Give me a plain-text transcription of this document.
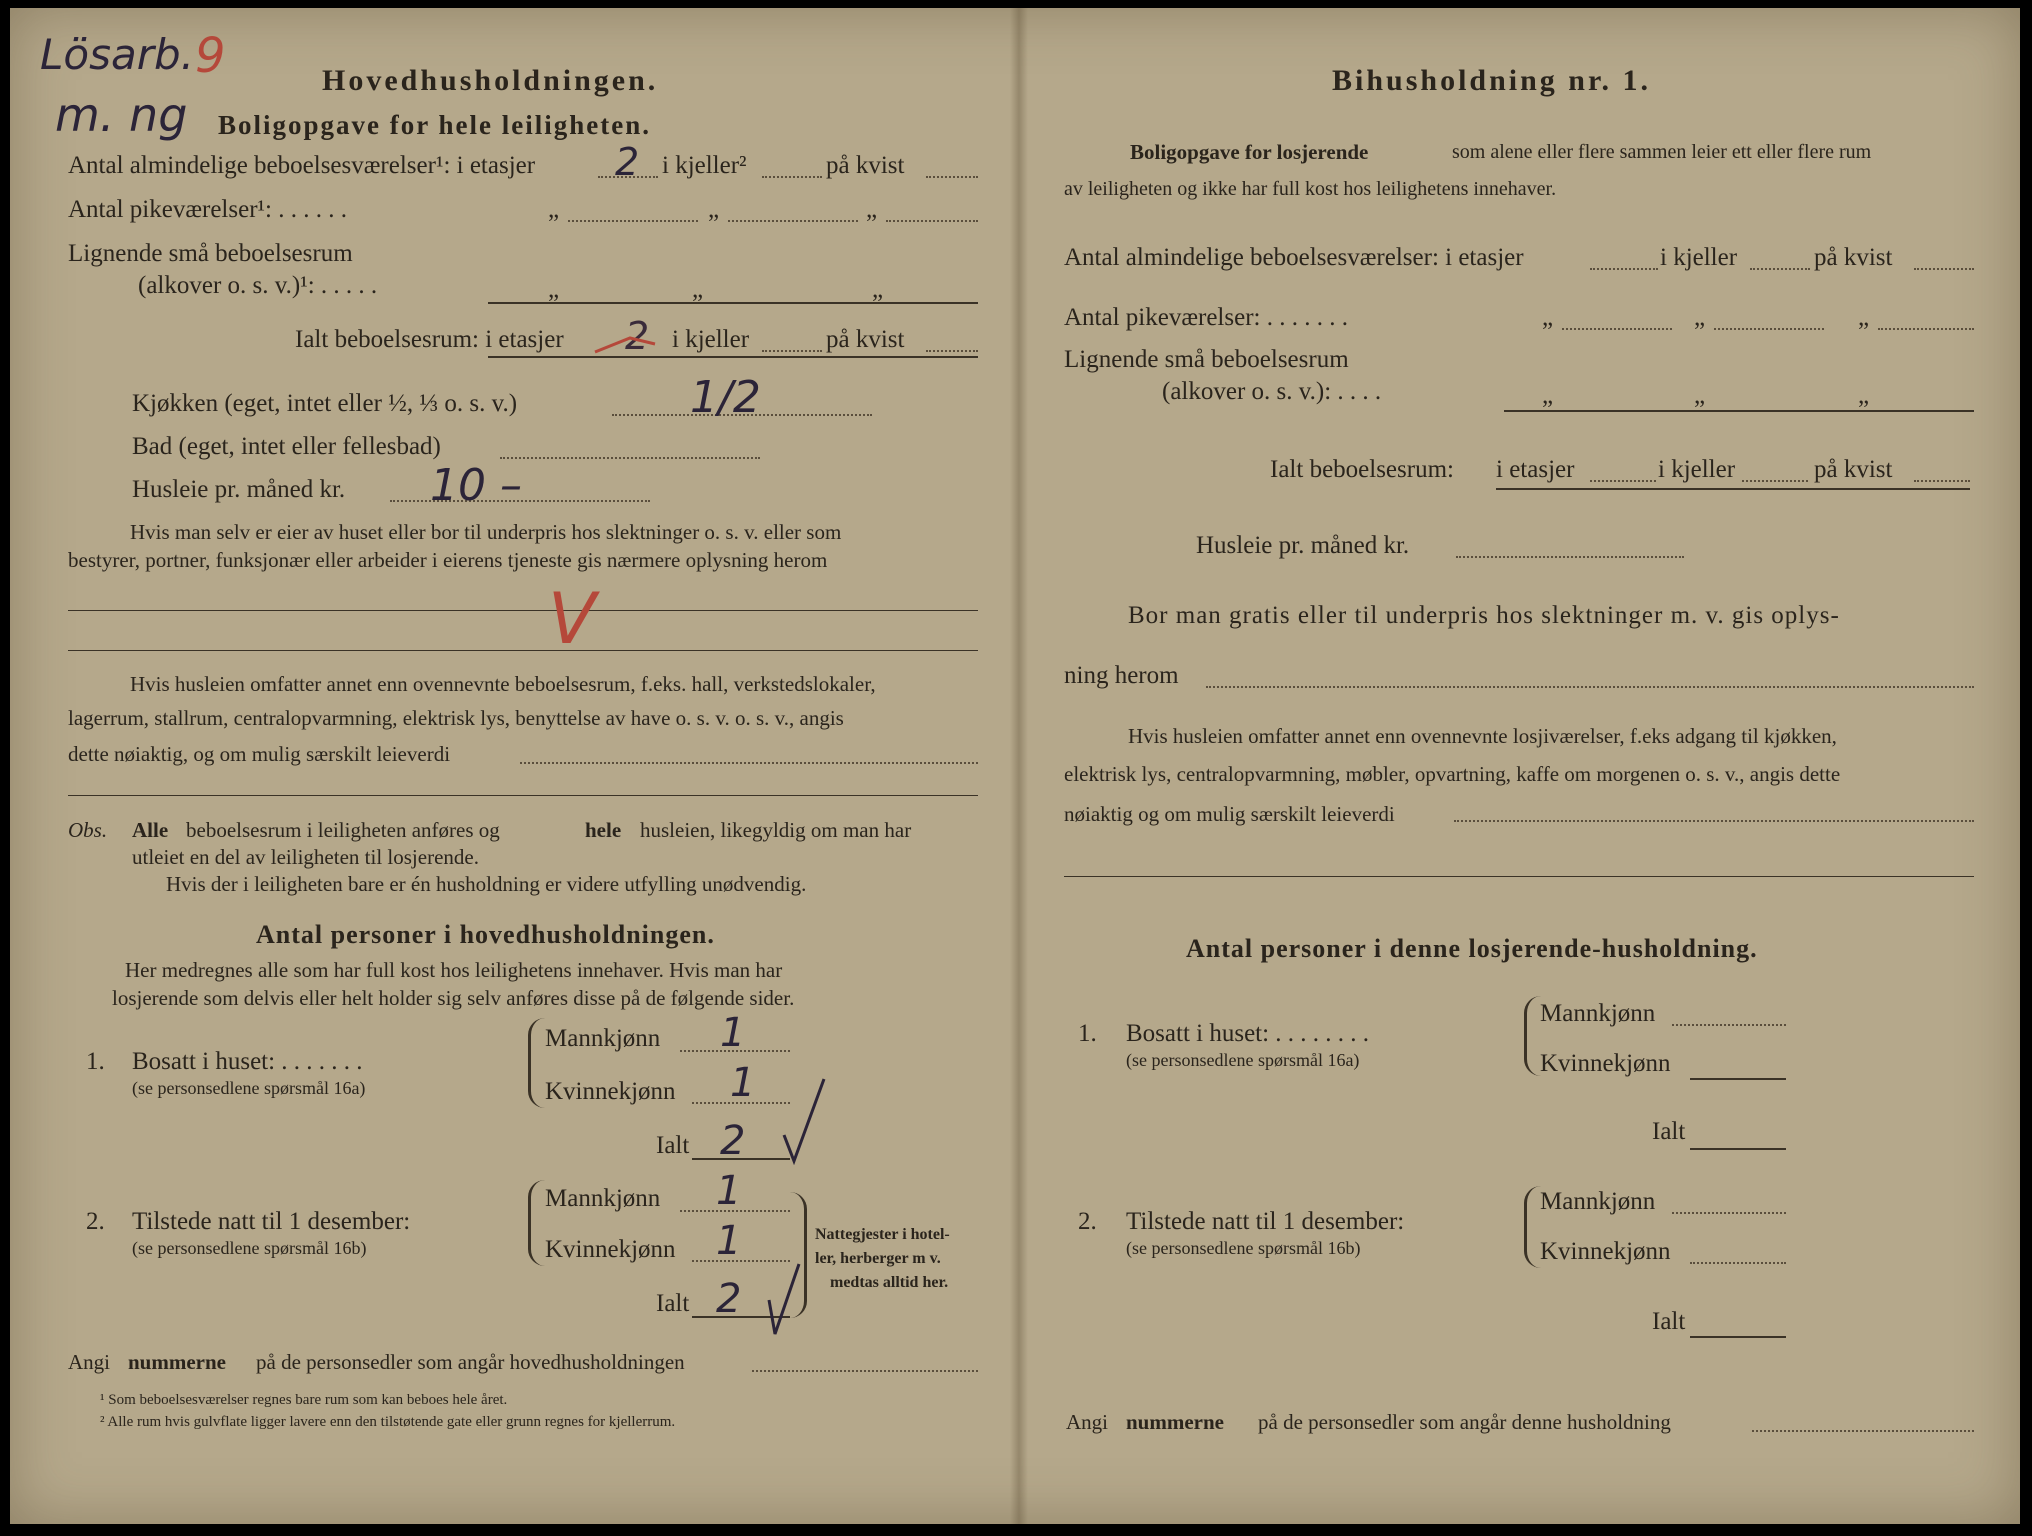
Lösarb. 9
m. ng
Hovedhusholdningen.
Boligopgave for hele leiligheten.
Antal almindelige beboelsesværelser¹: i etasjer 2 i kjeller²	på kvist
Antal pikeværelser¹: . . . . . .	„	„	„
Lignende små beboelsesrum
(alkover o. s. v.)¹: . . . . .	„	„	„
Ialt beboelsesrum: i etasjer 2 i kjeller	på kvist
Kjøkken (eget, intet eller ½, ⅓ o. s. v.)	1/2
Bad (eget, intet eller fellesbad)
Husleie pr. måned kr. 10 –
Hvis man selv er eier av huset eller bor til underpris hos slektninger o. s. v. eller som
bestyrer, portner, funksjonær eller arbeider i eierens tjeneste gis nærmere oplysning herom
V
Hvis husleien omfatter annet enn ovennevnte beboelsesrum, f.eks. hall, verkstedslokaler,
lagerrum, stallrum, centralopvarmning, elektrisk lys, benyttelse av have o. s. v. o. s. v., angis
dette nøiaktig, og om mulig særskilt leieverdi
Obs. Alle beboelsesrum i leiligheten anføres og	hele husleien, likegyldig om man har
utleiet en del av leiligheten til losjerende.
Hvis der i leiligheten bare er én husholdning er videre utfylling unødvendig.
Antal personer i hovedhusholdningen.
Her medregnes alle som har full kost hos leilighetens innehaver. Hvis man har
losjerende som delvis eller helt holder sig selv anføres disse på de følgende sider.
1. Bosatt i huset: . . . . . . .
(se personsedlene spørsmål 16a)
Mannkjønn 1
Kvinnekjønn 1
Ialt 2
2. Tilstede natt til 1 desember:
(se personsedlene spørsmål 16b)
Mannkjønn 1
Kvinnekjønn 1
Ialt 2
Nattegjester i hotel-
ler, herberger m v.
medtas alltid her.
Angi nummerne på de personsedler som angår hovedhusholdningen
¹ Som beboelsesværelser regnes bare rum som kan beboes hele året.
² Alle rum hvis gulvflate ligger lavere enn den tilstøtende gate eller grunn regnes for kjellerrum.
Bihusholdning nr. 1.
Boligopgave for losjerende	som alene eller flere sammen leier ett eller flere rum
av leiligheten og ikke har full kost hos leilighetens innehaver.
Antal almindelige beboelsesværelser: i etasjer	i kjeller	på kvist
Antal pikeværelser: . . . . . . .	„	„	„
Lignende små beboelsesrum
(alkover o. s. v.): . . . .	„	„	„
Ialt beboelsesrum: i etasjer	i kjeller	på kvist
Husleie pr. måned kr.
Bor man gratis eller til underpris hos slektninger m. v. gis oplys-
ning herom
Hvis husleien omfatter annet enn ovennevnte losjiværelser, f.eks adgang til kjøkken,
elektrisk lys, centralopvarmning, møbler, opvartning, kaffe om morgenen o. s. v., angis dette
nøiaktig og om mulig særskilt leieverdi
Antal personer i denne losjerende-husholdning.
1. Bosatt i huset: . . . . . . . .
(se personsedlene spørsmål 16a)
Mannkjønn
Kvinnekjønn
Ialt
2. Tilstede natt til 1 desember:
(se personsedlene spørsmål 16b)
Mannkjønn
Kvinnekjønn
Ialt
Angi nummerne på de personsedler som angår denne husholdning
